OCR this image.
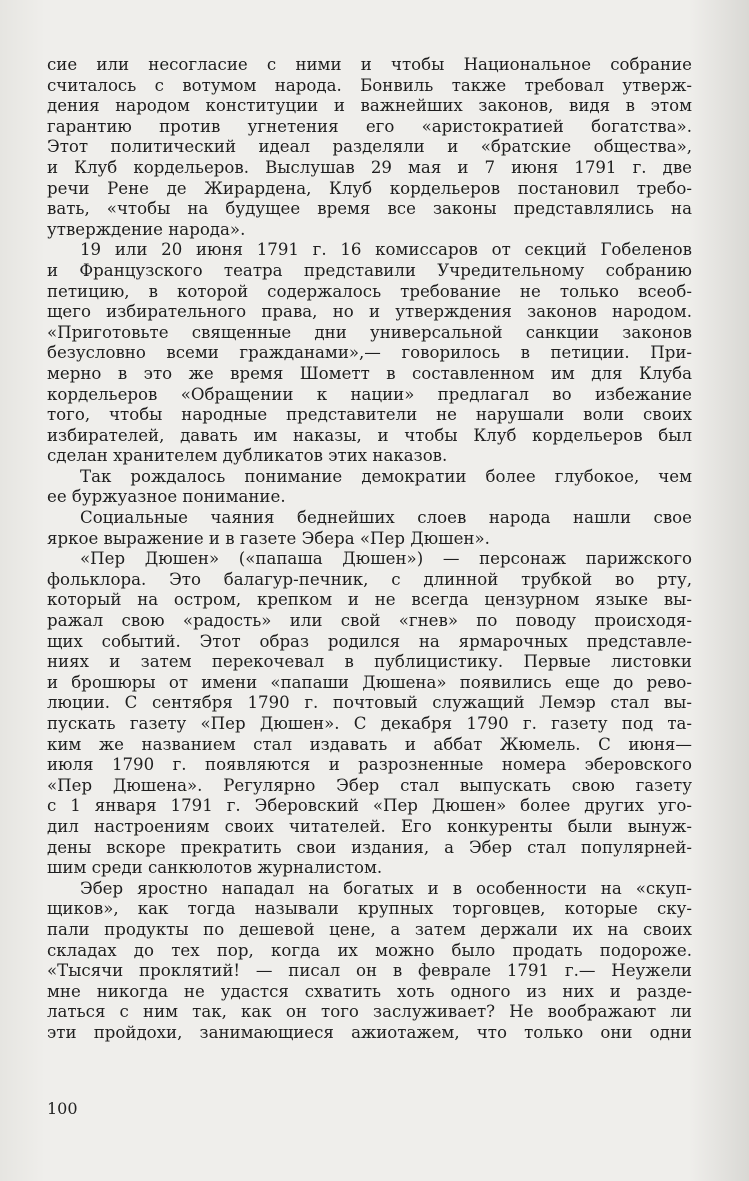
сие или несогласие с ними и чтобы Национальное собрание
считалось с вотумом народа. Бонвиль также требовал утверж-
дения народом конституции и важнейших законов, видя в этом
гарантию против угнетения его «аристократией богатства».
Этот политический идеал разделяли и «братские общества»,
и Клуб кордельеров. Выслушав 29 мая и 7 июня 1791 г. две
речи Рене де Жирардена, Клуб кордельеров постановил требо-
вать, «чтобы на будущее время все законы представлялись на
утверждение народа».
19 или 20 июня 1791 г. 16 комиссаров от секций Гобеленов
и Французского театра представили Учредительному собранию
петицию, в которой содержалось требование не только всеоб-
щего избирательного права, но и утверждения законов народом.
«Приготовьте священные дни универсальной санкции законов
безусловно всеми гражданами»,— говорилось в петиции. При-
мерно в это же время Шометт в составленном им для Клуба
кордельеров «Обращении к нации» предлагал во избежание
того, чтобы народные представители не нарушали воли своих
избирателей, давать им наказы, и чтобы Клуб кордельеров был
сделан хранителем дубликатов этих наказов.
Так рождалось понимание демократии более глубокое, чем
ее буржуазное понимание.
Социальные чаяния беднейших слоев народа нашли свое
яркое выражение и в газете Эбера «Пер Дюшен».
«Пер Дюшен» («папаша Дюшен») — персонаж парижского
фольклора. Это балагур-печник, с длинной трубкой во рту,
который на остром, крепком и не всегда цензурном языке вы-
ражал свою «радость» или свой «гнев» по поводу происходя-
щих событий. Этот образ родился на ярмарочных представле-
ниях и затем перекочевал в публицистику. Первые листовки
и брошюры от имени «папаши Дюшена» появились еще до рево-
люции. С сентября 1790 г. почтовый служащий Лемэр стал вы-
пускать газету «Пер Дюшен». С декабря 1790 г. газету под та-
ким же названием стал издавать и аббат Жюмель. С июня—
июля 1790 г. появляются и разрозненные номера эберовского
«Пер Дюшена». Регулярно Эбер стал выпускать свою газету
с 1 января 1791 г. Эберовский «Пер Дюшен» более других уго-
дил настроениям своих читателей. Его конкуренты были вынуж-
дены вскоре прекратить свои издания, а Эбер стал популярней-
шим среди санкюлотов журналистом.
Эбер яростно нападал на богатых и в особенности на «скуп-
щиков», как тогда называли крупных торговцев, которые ску-
пали продукты по дешевой цене, а затем держали их на своих
складах до тех пор, когда их можно было продать подороже.
«Тысячи проклятий! — писал он в феврале 1791 г.— Неужели
мне никогда не удастся схватить хоть одного из них и разде-
латься с ним так, как он того заслуживает? Не воображают ли
эти пройдохи, занимающиеся ажиотажем, что только они одни
100
